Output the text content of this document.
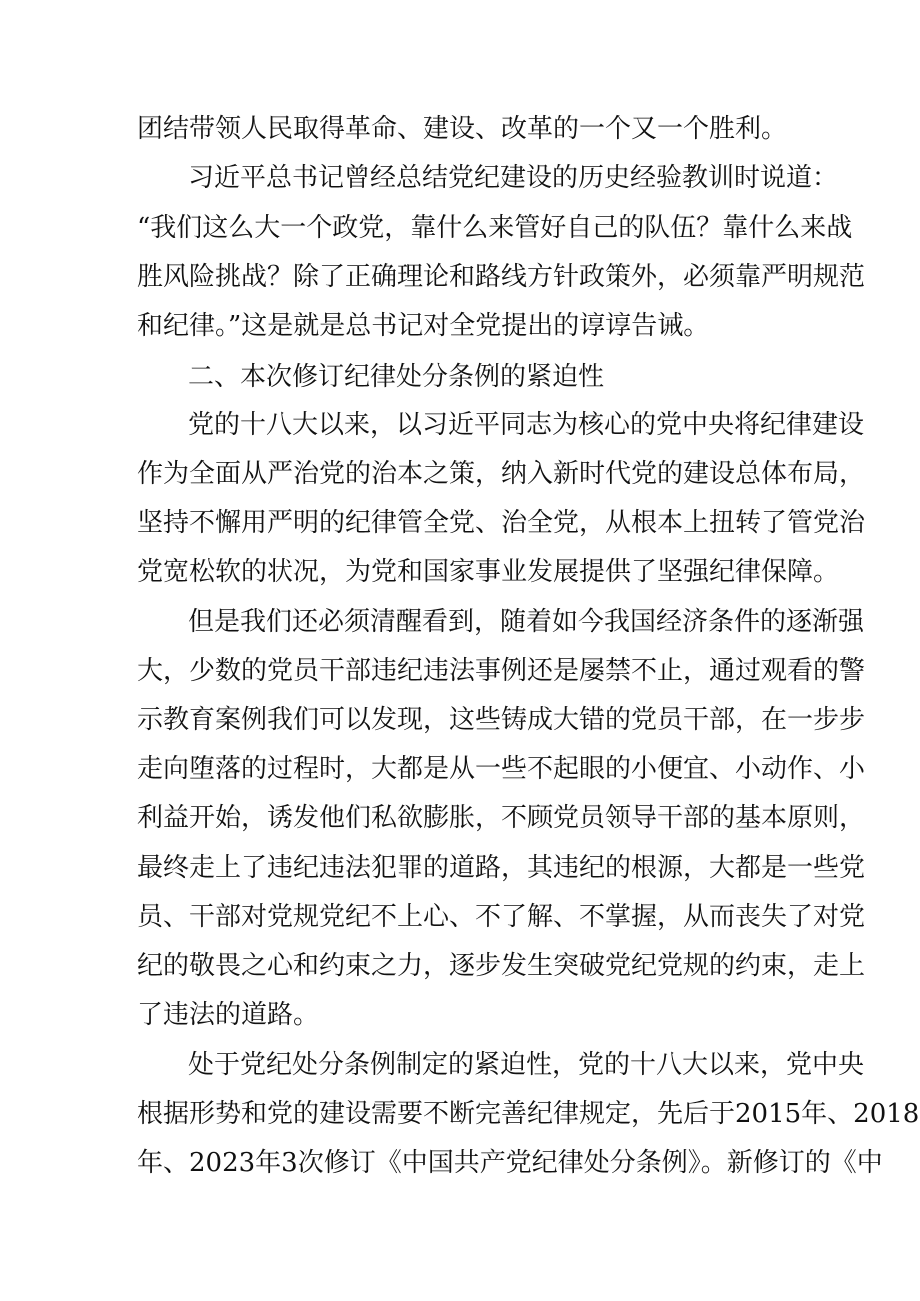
团结带领人民取得革命、建设、改革的一个又一个胜利。
习近平总书记曾经总结党纪建设的历史经验教训时说道：
“我们这么大一个政党，靠什么来管好自己的队伍？靠什么来战
胜风险挑战？除了正确理论和路线方针政策外，必须靠严明规范
和纪律。”这是就是总书记对全党提出的谆谆告诫。
二、本次修订纪律处分条例的紧迫性
党的十八大以来，以习近平同志为核心的党中央将纪律建设
作为全面从严治党的治本之策，纳入新时代党的建设总体布局，
坚持不懈用严明的纪律管全党、治全党，从根本上扭转了管党治
党宽松软的状况，为党和国家事业发展提供了坚强纪律保障。
但是我们还必须清醒看到，随着如今我国经济条件的逐渐强
大，少数的党员干部违纪违法事例还是屡禁不止，通过观看的警
示教育案例我们可以发现，这些铸成大错的党员干部，在一步步
走向堕落的过程时，大都是从一些不起眼的小便宜、小动作、小
利益开始，诱发他们私欲膨胀，不顾党员领导干部的基本原则，
最终走上了违纪违法犯罪的道路，其违纪的根源，大都是一些党
员、干部对党规党纪不上心、不了解、不掌握，从而丧失了对党
纪的敬畏之心和约束之力，逐步发生突破党纪党规的约束，走上
了违法的道路。
处于党纪处分条例制定的紧迫性，党的十八大以来，党中央
根据形势和党的建设需要不断完善纪律规定，先后于2015年、2018
年、2023年3次修订《中国共产党纪律处分条例》。新修订的《中
